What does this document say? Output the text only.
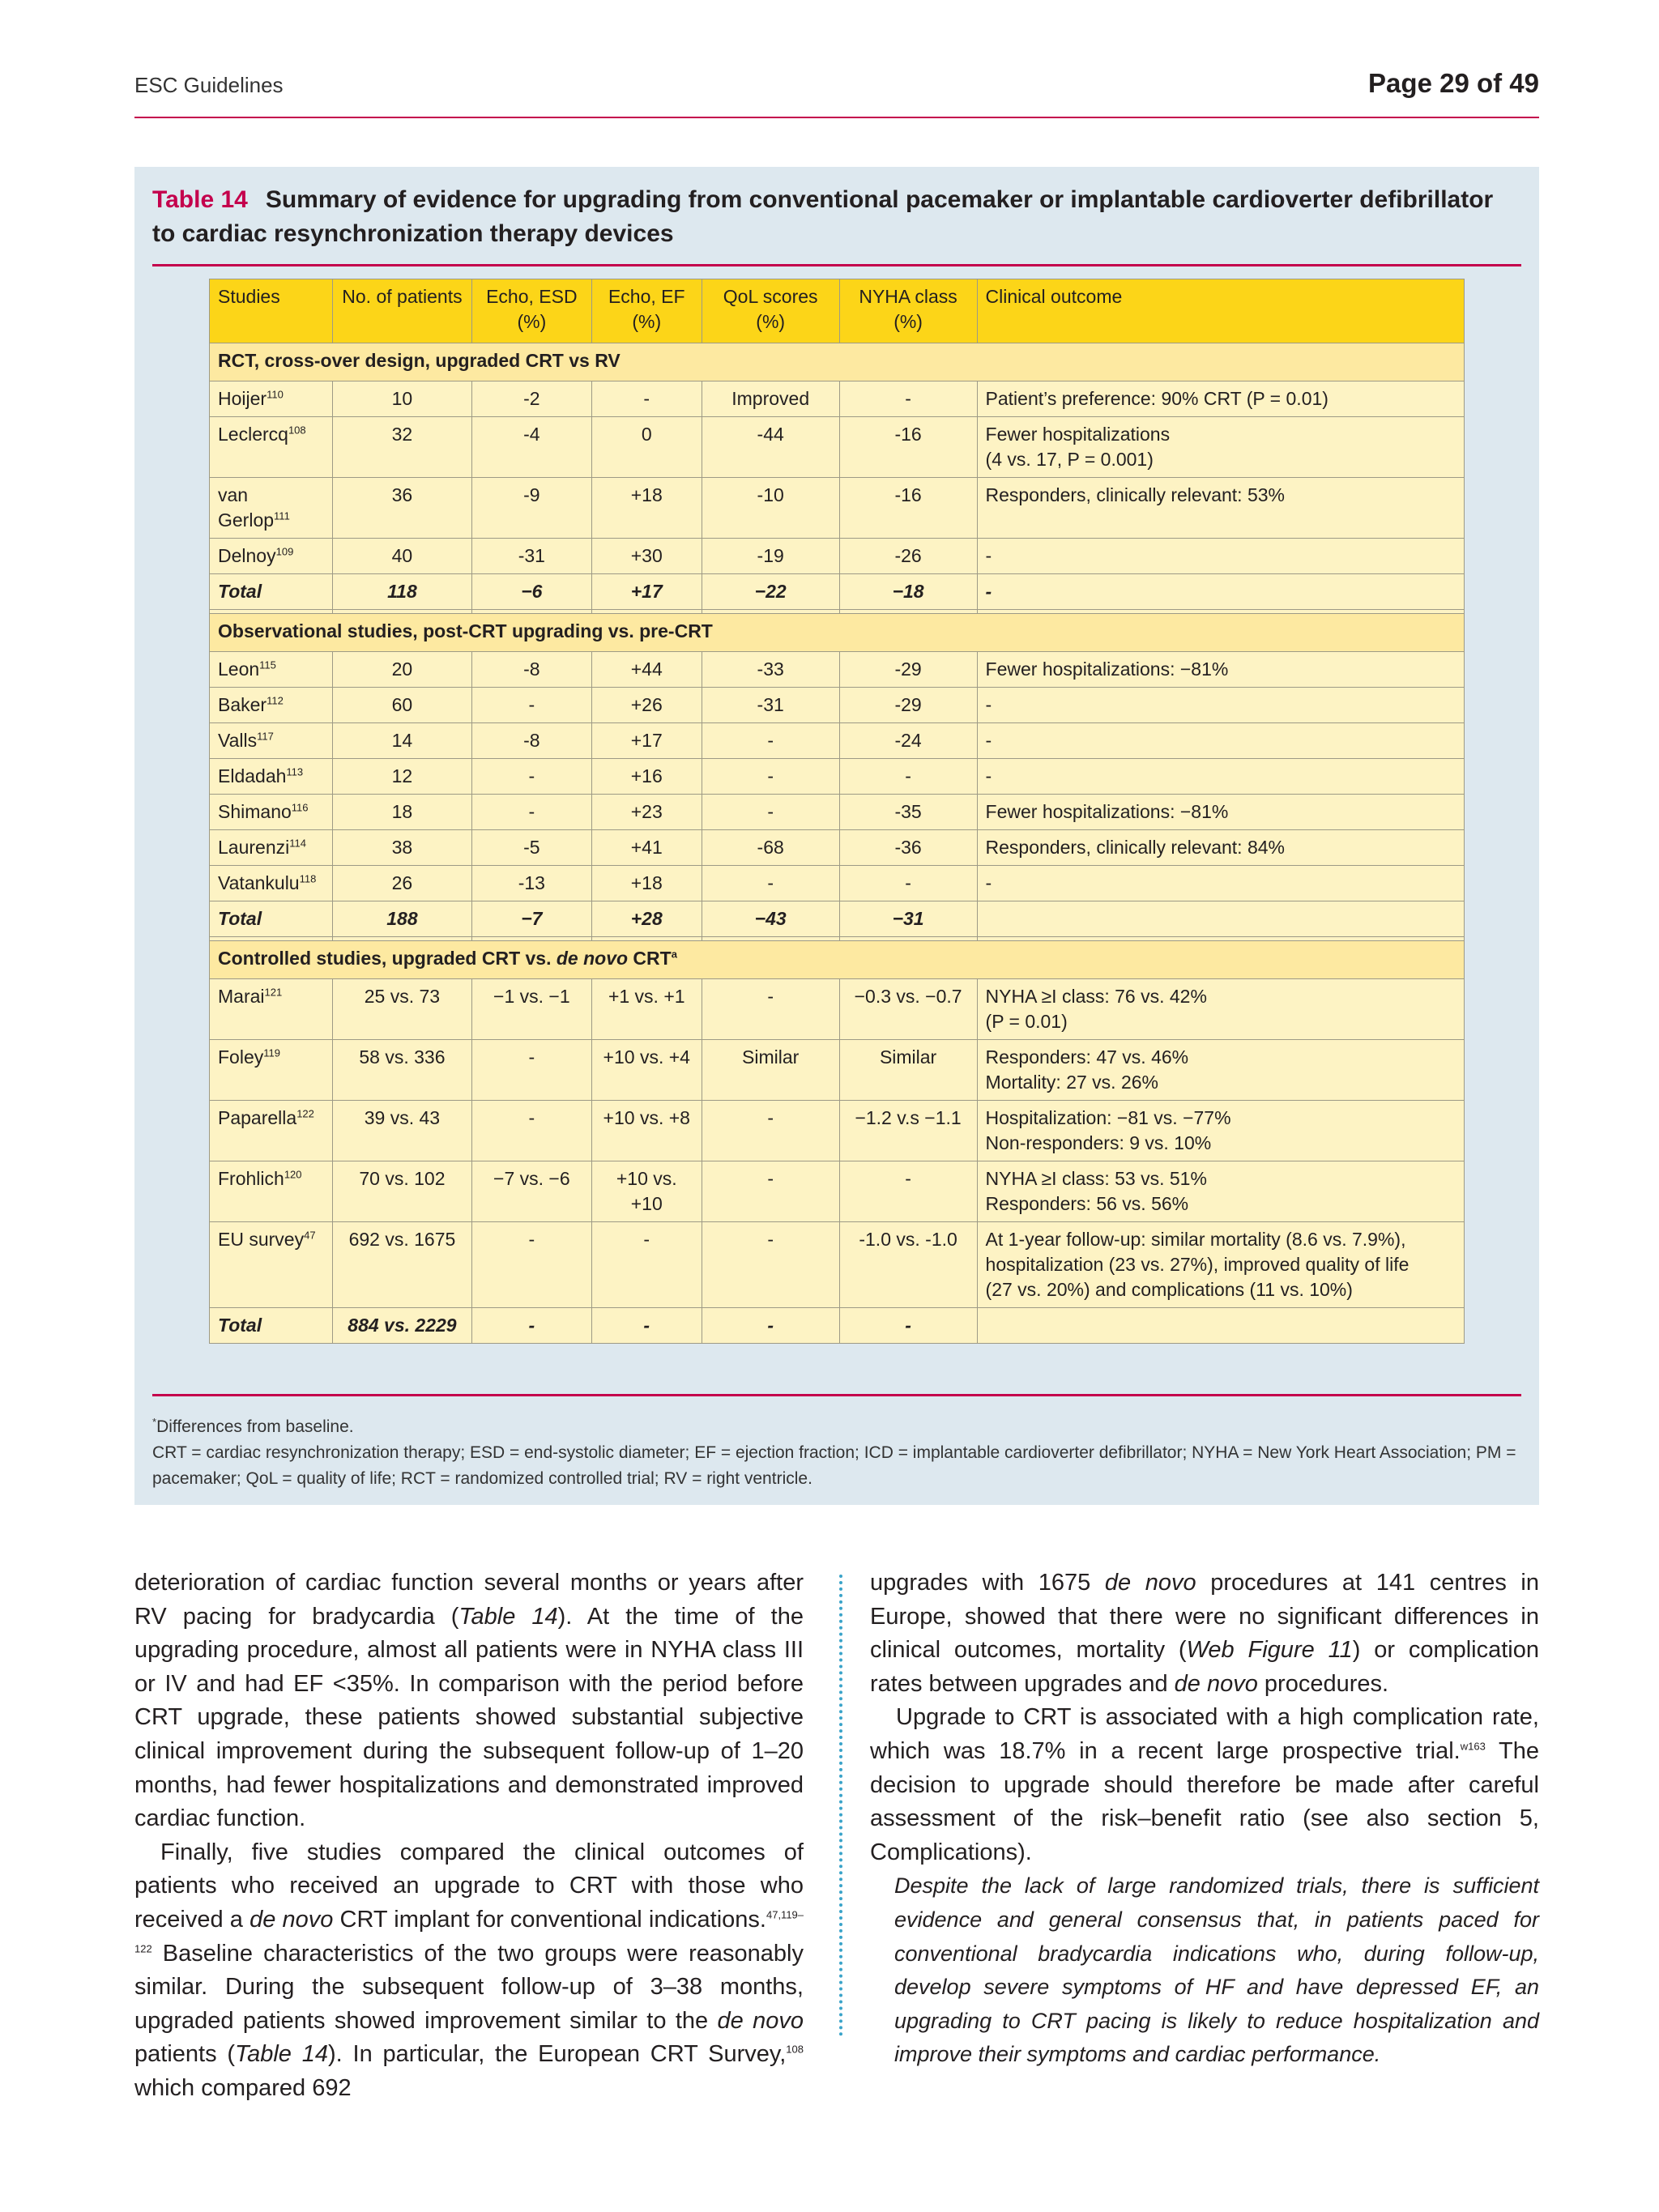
ESC Guidelines	Page 29 of 49
Table 14 Summary of evidence for upgrading from conventional pacemaker or implantable cardioverter defibrillator to cardiac resynchronization therapy devices
Studies	No. of patients	Echo, ESD (%)	Echo, EF (%)	QoL scores (%)	NYHA class (%)	Clinical outcome
RCT, cross-over design, upgraded CRT vs RV						
Hoijer$^{110}$	10	-2	-	Improved	-	Patient’s preference: 90% CRT (P = 0.01)

Leclercq$^{108}$	32	-4	0	-44	-16	Fewer hospitalizations
(4 vs. 17, P = 0.001)

van Gerlop$^{111}$	36	-9	+18	-10	-16	Responders, clinically relevant: 53%

Delnoy$^{109}$	40	-31	+30	-19	-26	-

Total	118	−6	+17	−22	−18	-

Observational studies, post-CRT upgrading vs. pre-CRT						
Leon$^{115}$	20	-8	+44	-33	-29	Fewer hospitalizations: −81%

Baker$^{112}$	60	-	+26	-31	-29	-

Valls$^{117}$	14	-8	+17	-	-24	-

Eldadah$^{113}$	12	-	+16	-	-	-

Shimano$^{116}$	18	-	+23	-	-35	Fewer hospitalizations: −81%

Laurenzi$^{114}$	38	-5	+41	-68	-36	Responders, clinically relevant: 84%

Vatankulu$^{118}$	26	-13	+18	-	-	-

Total	188	−7	+28	−43	−31	

Controlled studies, upgraded CRT vs. de novo CRT$^a$
Marai$^{121}$	25 vs. 73	−1 vs. −1	+1 vs. +1	-	−0.3 vs. −0.7	NYHA ≥I class: 76 vs. 42%
(P = 0.01)

Foley$^{119}$	58 vs. 336	-	+10 vs. +4	Similar	Similar	Responders: 47 vs. 46%
Mortality: 27 vs. 26%

Paparella$^{122}$	39 vs. 43	-	+10 vs. +8	-	−1.2 v.s −1.1	Hospitalization: −81 vs. −77%
Non-responders: 9 vs. 10%

Frohlich$^{120}$	70 vs. 102	−7 vs. −6	+10 vs. +10	-	-	NYHA ≥I class: 53 vs. 51%
Responders: 56 vs. 56%

EU survey$^{47}$	692 vs. 1675	-	-	-	-1.0 vs. -1.0	At 1-year follow-up: similar mortality (8.6 vs. 7.9%),
hospitalization (23 vs. 27%), improved quality of life
(27 vs. 20%) and complications (11 vs. 10%)

Total	884 vs. 2229	-	-	-	-	
*Differences from baseline.
CRT = cardiac resynchronization therapy; ESD = end-systolic diameter; EF = ejection fraction; ICD = implantable cardioverter defibrillator; NYHA = New York Heart Association; PM = pacemaker; QoL = quality of life; RCT = randomized controlled trial; RV = right ventricle.

deterioration of cardiac function several months or years after RV pacing for bradycardia (Table 14). At the time of the upgrading procedure, almost all patients were in NYHA class III or IV and had EF <35%. In comparison with the period before CRT upgrade, these patients showed substantial subjective clinical improvement during the subsequent follow-up of 1–20 months, had fewer hospitalizations and demonstrated improved cardiac function.

Finally, five studies compared the clinical outcomes of patients who received an upgrade to CRT with those who received a de novo CRT implant for conventional indications.$^{47,119-122}$ Baseline characteristics of the two groups were reasonably similar. During the subsequent follow-up of 3–38 months, upgraded patients showed improvement similar to the de novo patients (Table 14). In particular, the European CRT Survey,$^{108}$ which compared 692

upgrades with 1675 de novo procedures at 141 centres in Europe, showed that there were no significant differences in clinical outcomes, mortality (Web Figure 11) or complication rates between upgrades and de novo procedures.

Upgrade to CRT is associated with a high complication rate, which was 18.7% in a recent large prospective trial.$^{w163}$ The decision to upgrade should therefore be made after careful assessment of the risk–benefit ratio (see also section 5, Complications).

Despite the lack of large randomized trials, there is sufficient evidence and general consensus that, in patients paced for conventional bradycardia indications who, during follow-up, develop severe symptoms of HF and have depressed EF, an upgrading to CRT pacing is likely to reduce hospitalization and improve their symptoms and cardiac performance.
